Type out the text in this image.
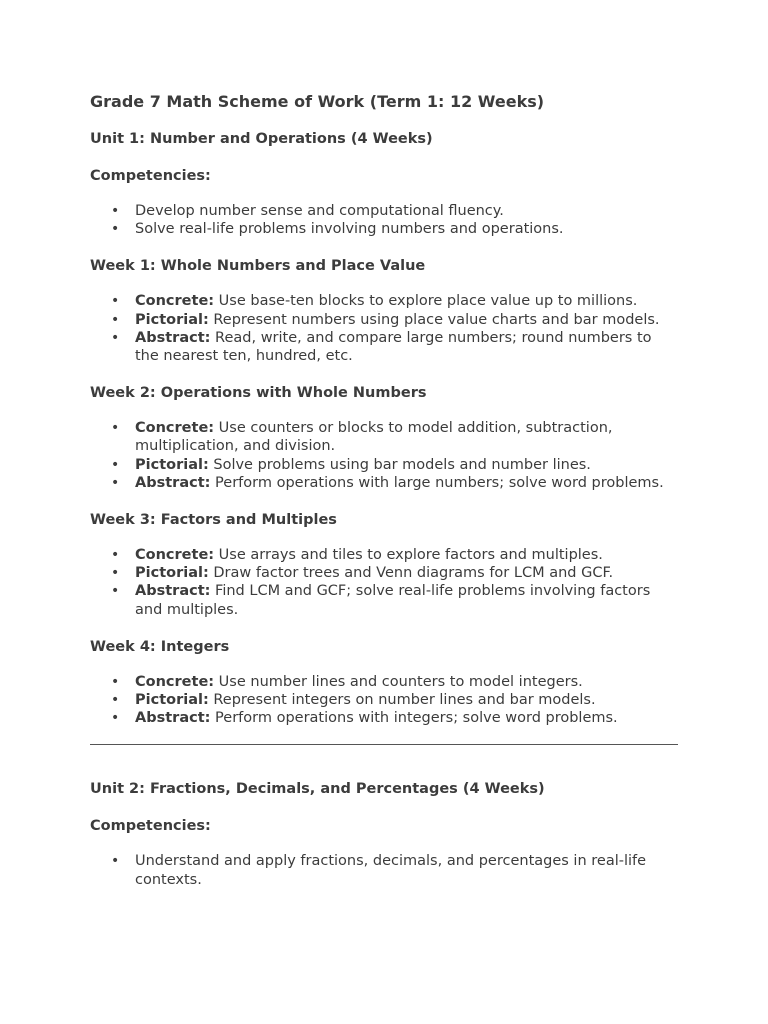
Grade 7 Math Scheme of Work (Term 1: 12 Weeks)
Unit 1: Number and Operations (4 Weeks)
Competencies:
• Develop number sense and computational fluency.
• Solve real-life problems involving numbers and operations.
Week 1: Whole Numbers and Place Value
• Concrete: Use base-ten blocks to explore place value up to millions.
• Pictorial: Represent numbers using place value charts and bar models.
• Abstract: Read, write, and compare large numbers; round numbers to the nearest ten, hundred, etc.
Week 2: Operations with Whole Numbers
• Concrete: Use counters or blocks to model addition, subtraction, multiplication, and division.
• Pictorial: Solve problems using bar models and number lines.
• Abstract: Perform operations with large numbers; solve word problems.
Week 3: Factors and Multiples
• Concrete: Use arrays and tiles to explore factors and multiples.
• Pictorial: Draw factor trees and Venn diagrams for LCM and GCF.
• Abstract: Find LCM and GCF; solve real-life problems involving factors and multiples.
Week 4: Integers
• Concrete: Use number lines and counters to model integers.
• Pictorial: Represent integers on number lines and bar models.
• Abstract: Perform operations with integers; solve word problems.
Unit 2: Fractions, Decimals, and Percentages (4 Weeks)
Competencies:
• Understand and apply fractions, decimals, and percentages in real-life contexts.
